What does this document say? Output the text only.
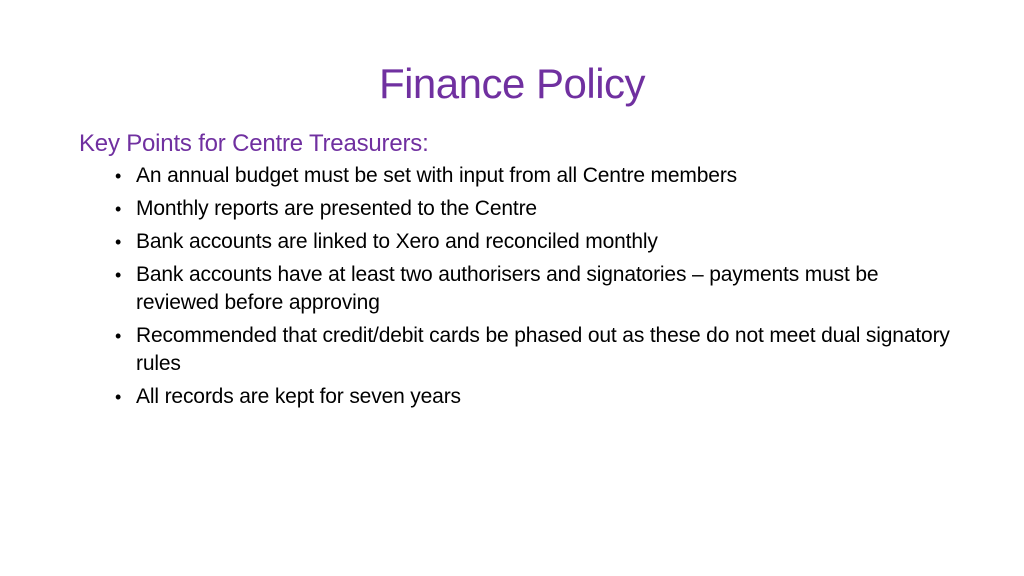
Finance Policy
Key Points for Centre Treasurers:
• An annual budget must be set with input from all Centre members
• Monthly reports are presented to the Centre
• Bank accounts are linked to Xero and reconciled monthly
• Bank accounts have at least two authorisers and signatories – payments must be reviewed before approving
• Recommended that credit/debit cards be phased out as these do not meet dual signatory rules
• All records are kept for seven years
